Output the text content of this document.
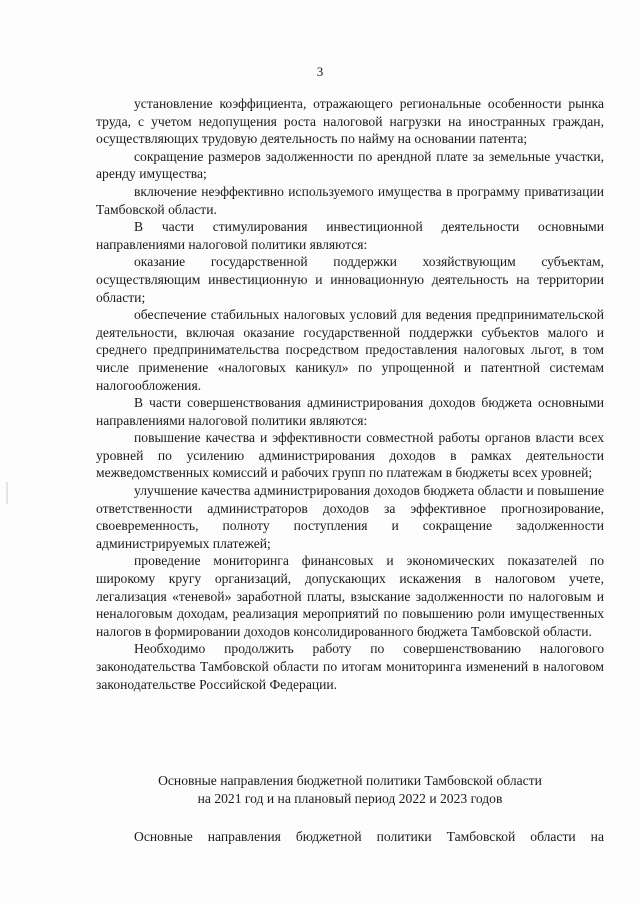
3

установление коэффициента, отражающего региональные особенности рынка труда, с учетом недопущения роста налоговой нагрузки на иностранных граждан, осуществляющих трудовую деятельность по найму на основании патента;

сокращение размеров задолженности по арендной плате за земельные участки, аренду имущества;

включение неэффективно используемого имущества в программу приватизации Тамбовской области.

В части стимулирования инвестиционной деятельности основными направлениями налоговой политики являются:

оказание государственной поддержки хозяйствующим субъектам, осуществляющим инвестиционную и инновационную деятельность на территории области;

обеспечение стабильных налоговых условий для ведения предпринимательской деятельности, включая оказание государственной поддержки субъектов малого и среднего предпринимательства посредством предоставления налоговых льгот, в том числе применение «налоговых каникул» по упрощенной и патентной системам налогообложения.

В части совершенствования администрирования доходов бюджета основными направлениями налоговой политики являются:

повышение качества и эффективности совместной работы органов власти всех уровней по усилению администрирования доходов в рамках деятельности межведомственных комиссий и рабочих групп по платежам в бюджеты всех уровней;

улучшение качества администрирования доходов бюджета области и повышение ответственности администраторов доходов за эффективное прогнозирование, своевременность, полноту поступления и сокращение задолженности администрируемых платежей;

проведение мониторинга финансовых и экономических показателей по широкому кругу организаций, допускающих искажения в налоговом учете, легализация «теневой» заработной платы, взыскание задолженности по налоговым и неналоговым доходам, реализация мероприятий по повышению роли имущественных налогов в формировании доходов консолидированного бюджета Тамбовской области.

Необходимо продолжить работу по совершенствованию налогового законодательства Тамбовской области по итогам мониторинга изменений в налоговом законодательстве Российской Федерации.

Основные направления бюджетной политики Тамбовской области
на 2021 год и на плановый период 2022 и 2023 годов

Основные направления бюджетной политики Тамбовской области на
